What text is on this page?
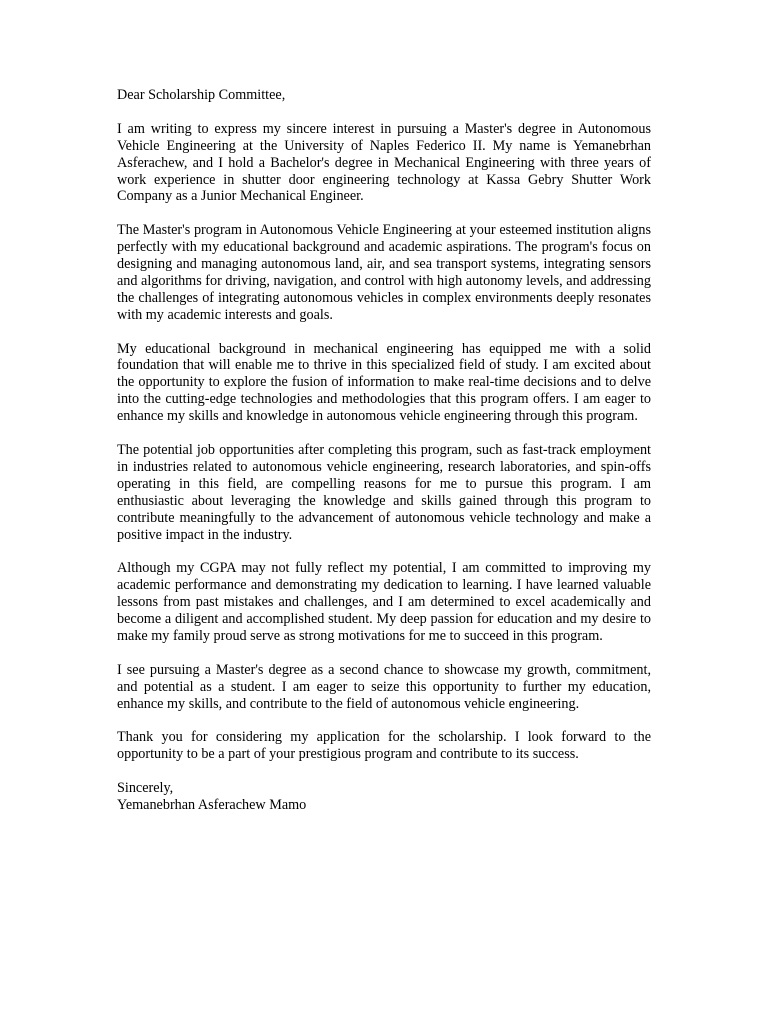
Dear Scholarship Committee,

I am writing to express my sincere interest in pursuing a Master's degree in Autonomous Vehicle Engineering at the University of Naples Federico II. My name is Yemanebrhan Asferachew, and I hold a Bachelor's degree in Mechanical Engineering with three years of work experience in shutter door engineering technology at Kassa Gebry Shutter Work Company as a Junior Mechanical Engineer.

The Master's program in Autonomous Vehicle Engineering at your esteemed institution aligns perfectly with my educational background and academic aspirations. The program's focus on designing and managing autonomous land, air, and sea transport systems, integrating sensors and algorithms for driving, navigation, and control with high autonomy levels, and addressing the challenges of integrating autonomous vehicles in complex environments deeply resonates with my academic interests and goals.

My educational background in mechanical engineering has equipped me with a solid foundation that will enable me to thrive in this specialized field of study. I am excited about the opportunity to explore the fusion of information to make real-time decisions and to delve into the cutting-edge technologies and methodologies that this program offers. I am eager to enhance my skills and knowledge in autonomous vehicle engineering through this program.

The potential job opportunities after completing this program, such as fast-track employment in industries related to autonomous vehicle engineering, research laboratories, and spin-offs operating in this field, are compelling reasons for me to pursue this program. I am enthusiastic about leveraging the knowledge and skills gained through this program to contribute meaningfully to the advancement of autonomous vehicle technology and make a positive impact in the industry.

Although my CGPA may not fully reflect my potential, I am committed to improving my academic performance and demonstrating my dedication to learning. I have learned valuable lessons from past mistakes and challenges, and I am determined to excel academically and become a diligent and accomplished student. My deep passion for education and my desire to make my family proud serve as strong motivations for me to succeed in this program.

I see pursuing a Master's degree as a second chance to showcase my growth, commitment, and potential as a student. I am eager to seize this opportunity to further my education, enhance my skills, and contribute to the field of autonomous vehicle engineering.

Thank you for considering my application for the scholarship. I look forward to the opportunity to be a part of your prestigious program and contribute to its success.

Sincerely,

Yemanebrhan Asferachew Mamo
